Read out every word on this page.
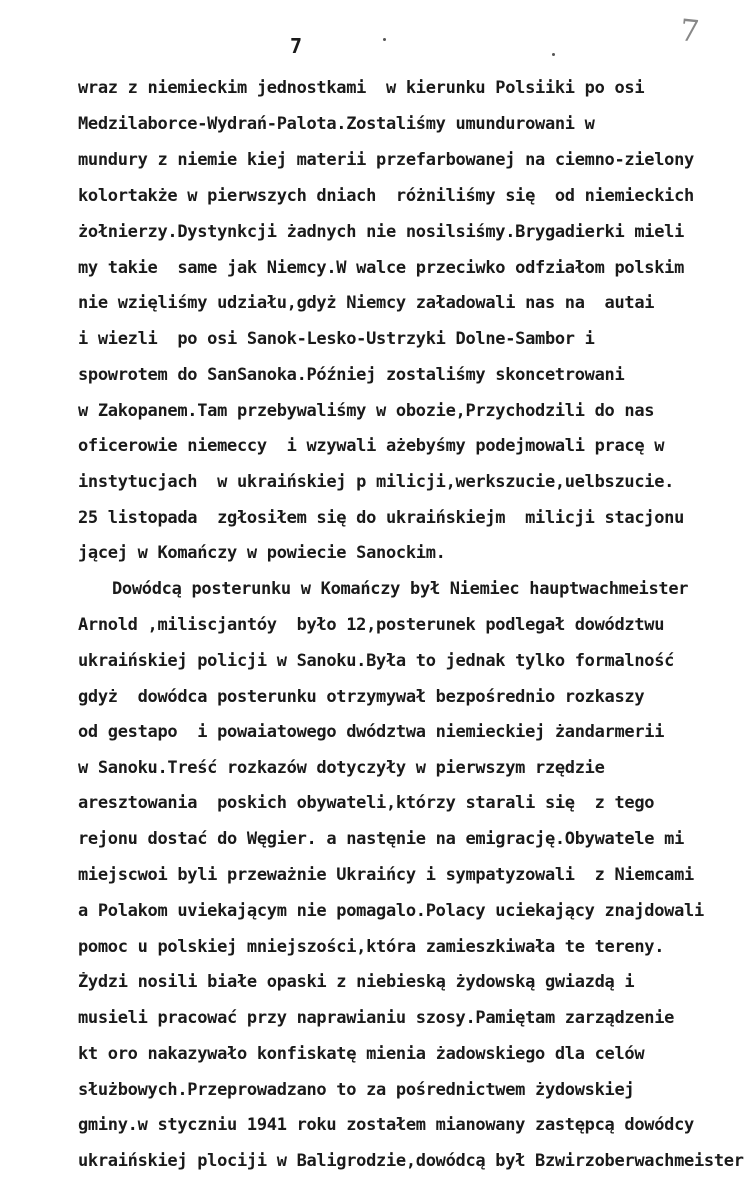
7	7
wraz z niemieckim jednostkami  w kierunku Polsiiki po osi
Medzilaborce-Wydrań-Palota.Zostaliśmy umundurowani w
mundury z niemie kiej materii przefarbowanej na ciemno-zielony
kolortakże w pierwszych dniach  różniliśmy się  od niemieckich
żołnierzy.Dystynkcji żadnych nie nosilsiśmy.Brygadierki mieli
my takie  same jak Niemcy.W walce przeciwko odfziałom polskim
nie wzięliśmy udziału,gdyż Niemcy załadowali nas na  autai
i wiezli  po osi Sanok-Lesko-Ustrzyki Dolne-Sambor i
spowrotem do SanSanoka.Później zostaliśmy skoncetrowani
w Zakopanem.Tam przebywaliśmy w obozie,Przychodzili do nas
oficerowie niemeccy  i wzywali ażebyśmy podejmowali pracę w
instytucjach  w ukraińskiej p milicji,werkszucie,uelbszucie.
25 listopada  zgłosiłem się do ukraińskiejm  milicji stacjonu
jącej w Komańczy w powiecie Sanockim.
Dowódcą posterunku w Komańczy był Niemiec hauptwachmeister
Arnold ,miliscjantóy  było 12,posterunek podlegał dowództwu
ukraińskiej policji w Sanoku.Była to jednak tylko formalność
gdyż  dowódca posterunku otrzymywał bezpośrednio rozkaszy
od gestapo  i powaiatowego dwództwa niemieckiej żandarmerii
w Sanoku.Treść rozkazów dotyczyły w pierwszym rzędzie
aresztowania  poskich obywateli,którzy starali się  z tego
rejonu dostać do Węgier. a nastęnie na emigrację.Obywatele mi
miejscwoi byli przeważnie Ukraińcy i sympatyzowali  z Niemcami
a Polakom uviekającym nie pomagalo.Polacy uciekający znajdowali
pomoc u polskiej mniejszości,która zamieszkiwała te tereny.
Żydzi nosili białe opaski z niebieską żydowską gwiazdą i
musieli pracować przy naprawianiu szosy.Pamiętam zarządzenie
kt oro nakazywało konfiskatę mienia żadowskiego dla celów
służbowych.Przeprowadzano to za pośrednictwem żydowskiej
gminy.w styczniu 1941 roku zostałem mianowany zastępcą dowódcy
ukraińskiej plociji w Baligrodzie,dowódcą był Bzwirzoberwachmeister
